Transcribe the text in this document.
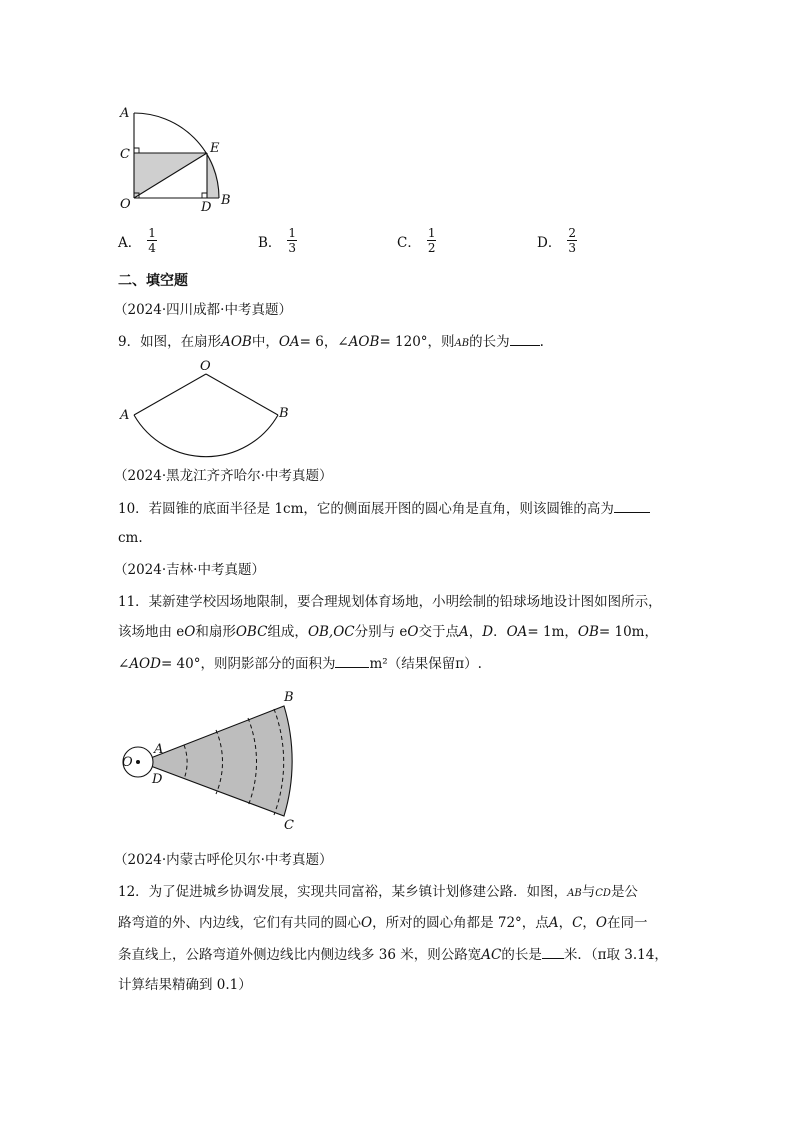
A
C	E
O	D B
A． $\frac{1}{4}$	B． $\frac{1}{3}$	C． $\frac{1}{2}$	D． $\frac{2}{3}$
二、填空题
（2024·四川成都·中考真题）
9．如图，在扇形AOB中，OA= 6，∠AOB= 120°，则AB的长为 .
O
A	B
（2024·黑龙江齐齐哈尔·中考真题）
10．若圆锥的底面半径是 1cm，它的侧面展开图的圆心角是直角，则该圆锥的高为
cm.
（2024·吉林·中考真题）
11．某新建学校因场地限制，要合理规划体育场地，小明绘制的铅球场地设计图如图所示，
该场地由 eO和扇形OBC组成，OB,OC分别与 eO交于点A，D．OA= 1m，OB= 10m，
∠AOD= 40°，则阴影部分的面积为	m²（结果保留π）.
B
A
O
D
C
（2024·内蒙古呼伦贝尔·中考真题）
12．为了促进城乡协调发展，实现共同富裕，某乡镇计划修建公路．如图，AB与CD是公
路弯道的外、内边线，它们有共同的圆心O，所对的圆心角都是 72°，点A，C，O在同一
条直线上，公路弯道外侧边线比内侧边线多 36 米，则公路宽AC的长是 米．（π取 3.14，
计算结果精确到 0.1）
